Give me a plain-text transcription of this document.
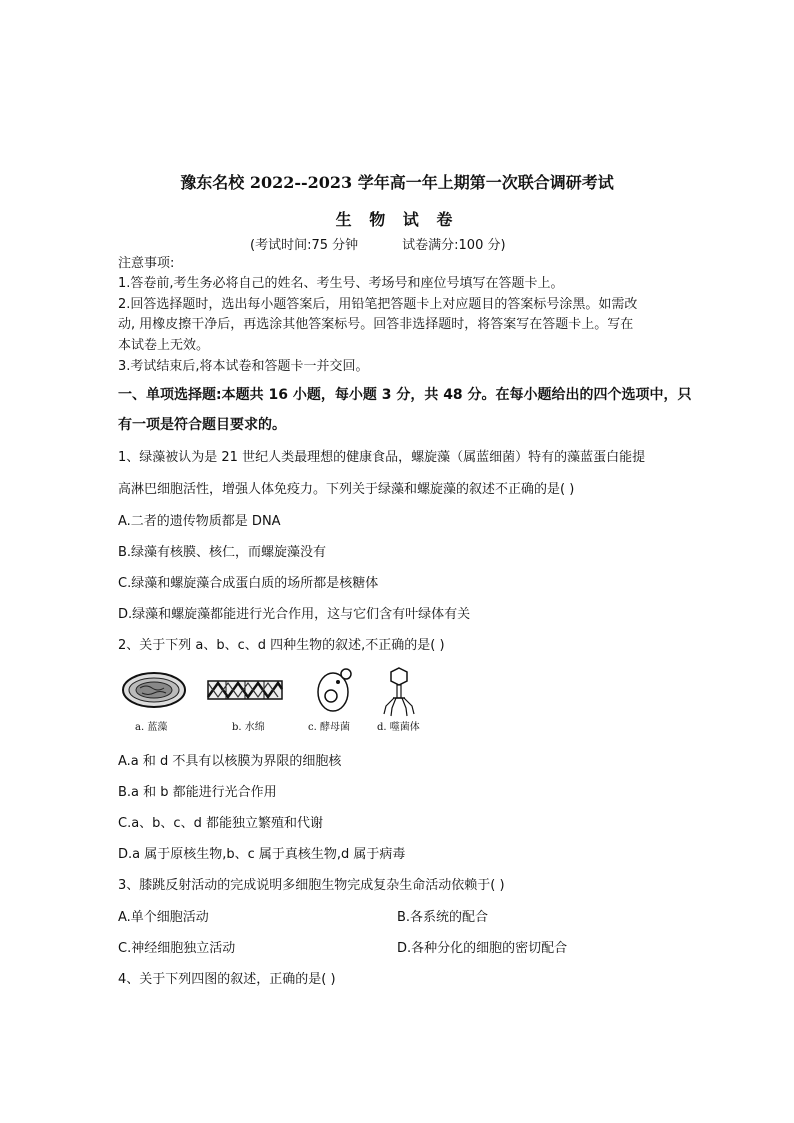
豫东名校 2022--2023 学年高一年上期第一次联合调研考试
生 物 试 卷
(考试时间:75 分钟	试卷满分:100 分)
注意事项:
1.答卷前,考生务必将自己的姓名、考生号、考场号和座位号填写在答题卡上。
2.回答选择题时，选出每小题答案后，用铅笔把答题卡上对应题目的答案标号涂黑。如需改
动, 用橡皮擦干净后，再选涂其他答案标号。回答非选择题时，将答案写在答题卡上。写在
本试卷上无效。
3.考试结束后,将本试卷和答题卡一并交回。
一、单项选择题:本题共 16 小题，每小题 3 分，共 48 分。在每小题给出的四个选项中，只
有一项是符合题目要求的。
1、绿藻被认为是 21 世纪人类最理想的健康食品，螺旋藻（属蓝细菌）特有的藻蓝蛋白能提
高淋巴细胞活性，增强人体免疫力。下列关于绿藻和螺旋藻的叙述不正确的是( )
A.二者的遗传物质都是 DNA
B.绿藻有核膜、核仁，而螺旋藻没有
C.绿藻和螺旋藻合成蛋白质的场所都是核糖体
D.绿藻和螺旋藻都能进行光合作用，这与它们含有叶绿体有关
2、关于下列 a、b、c、d 四种生物的叙述,不正确的是( )
a. 蓝藻	b. 水绵	c. 酵母菌	d. 噬菌体
A.a 和 d 不具有以核膜为界限的细胞核
B.a 和 b 都能进行光合作用
C.a、b、c、d 都能独立繁殖和代谢
D.a 属于原核生物,b、c 属于真核生物,d 属于病毒
3、膝跳反射活动的完成说明多细胞生物完成复杂生命活动依赖于( )
A.单个细胞活动	B.各系统的配合
C.神经细胞独立活动	D.各种分化的细胞的密切配合
4、关于下列四图的叙述，正确的是( )
